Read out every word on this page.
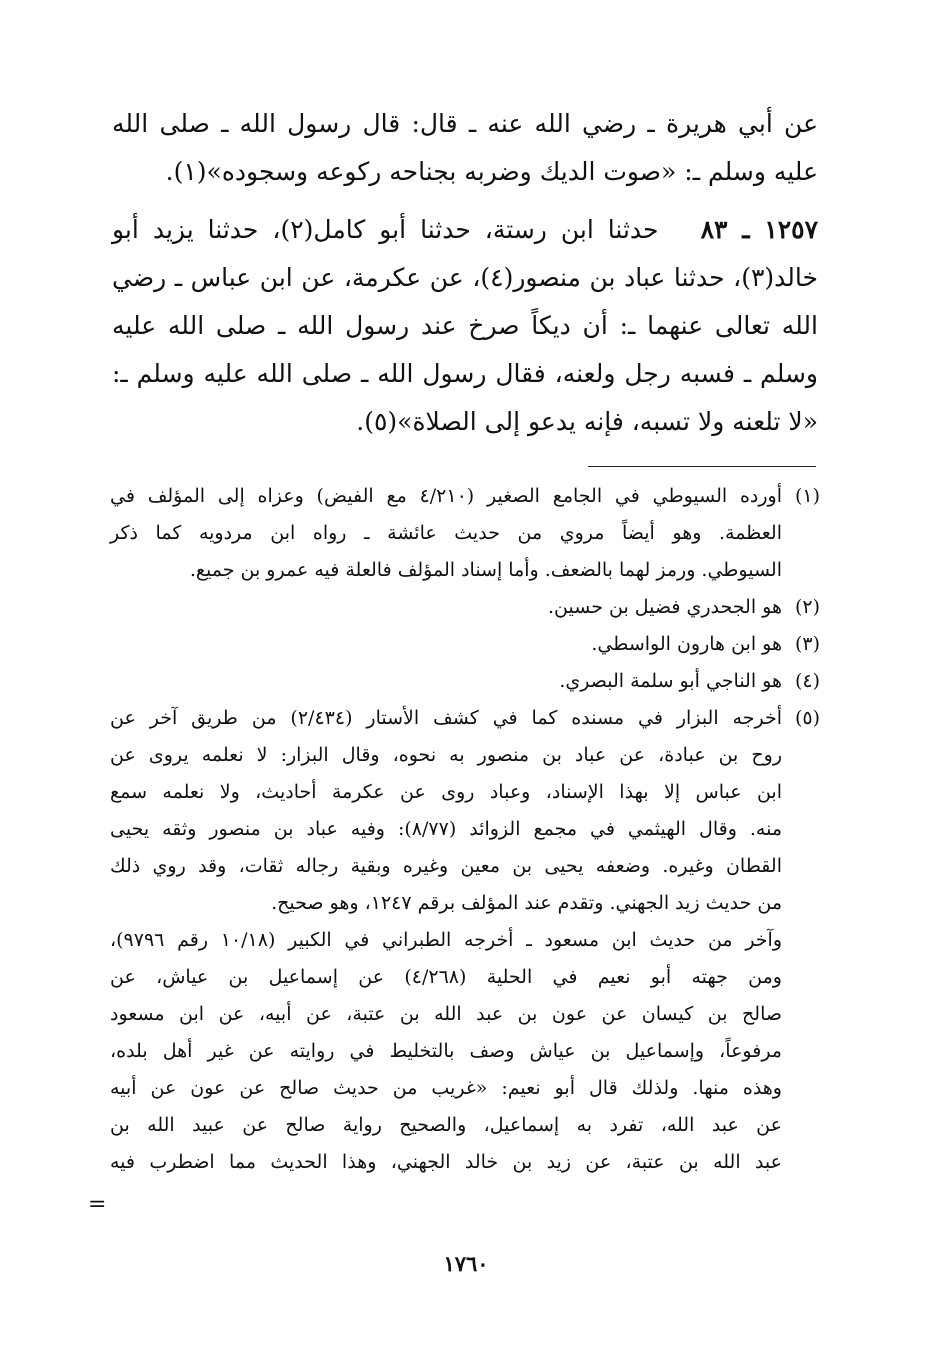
عن أبي هريرة ـ رضي الله عنه ـ قال: قال رسول الله ـ صلى الله عليه وسلم ـ: «صوت الديك وضربه بجناحه ركوعه وسجوده»(١).

١٢٥٧ ـ ٨٣   حدثنا ابن رستة، حدثنا أبو كامل(٢)، حدثنا يزيد أبو خالد(٣)، حدثنا عباد بن منصور(٤)، عن عكرمة، عن ابن عباس ـ رضي الله تعالى عنهما ـ: أن ديكاً صرخ عند رسول الله ـ صلى الله عليه وسلم ـ فسبه رجل ولعنه، فقال رسول الله ـ صلى الله عليه وسلم ـ: «لا تلعنه ولا تسبه، فإنه يدعو إلى الصلاة»(٥).

(١)
أورده السيوطي في الجامع الصغير (٤/٢١٠ مع الفيض) وعزاه إلى المؤلف في
العظمة. وهو أيضاً مروي من حديث عائشة ـ رواه ابن مردويه كما ذكر
السيوطي. ورمز لهما بالضعف. وأما إسناد المؤلف فالعلة فيه عمرو بن جميع.
(٢)
هو الجحدري فضيل بن حسين.
(٣)
هو ابن هارون الواسطي.
(٤)
هو الناجي أبو سلمة البصري.
(٥)
أخرجه البزار في مسنده كما في كشف الأستار (٢/٤٣٤) من طريق آخر عن
روح بن عبادة، عن عباد بن منصور به نحوه، وقال البزار: لا نعلمه يروى عن
ابن عباس إلا بهذا الإسناد، وعباد روى عن عكرمة أحاديث، ولا نعلمه سمع
منه. وقال الهيثمي في مجمع الزوائد (٨/٧٧): وفيه عباد بن منصور وثقه يحيى
القطان وغيره. وضعفه يحيى بن معين وغيره وبقية رجاله ثقات، وقد روي ذلك
من حديث زيد الجهني. وتقدم عند المؤلف برقم ١٢٤٧، وهو صحيح.
وآخر من حديث ابن مسعود ـ أخرجه الطبراني في الكبير (١٠/١٨ رقم ٩٧٩٦)،
ومن جهته أبو نعيم في الحلية (٤/٢٦٨) عن إسماعيل بن عياش، عن
صالح بن كيسان عن عون بن عبد الله بن عتبة، عن أبيه، عن ابن مسعود
مرفوعاً، وإسماعيل بن عياش وصف بالتخليط في روايته عن غير أهل بلده،
وهذه منها. ولذلك قال أبو نعيم: «غريب من حديث صالح عن عون عن أبيه
عن عبد الله، تفرد به إسماعيل، والصحيح رواية صالح عن عبيد الله بن
عبد الله بن عتبة، عن زيد بن خالد الجهني، وهذا الحديث مما اضطرب فيه
=
١٧٦٠
